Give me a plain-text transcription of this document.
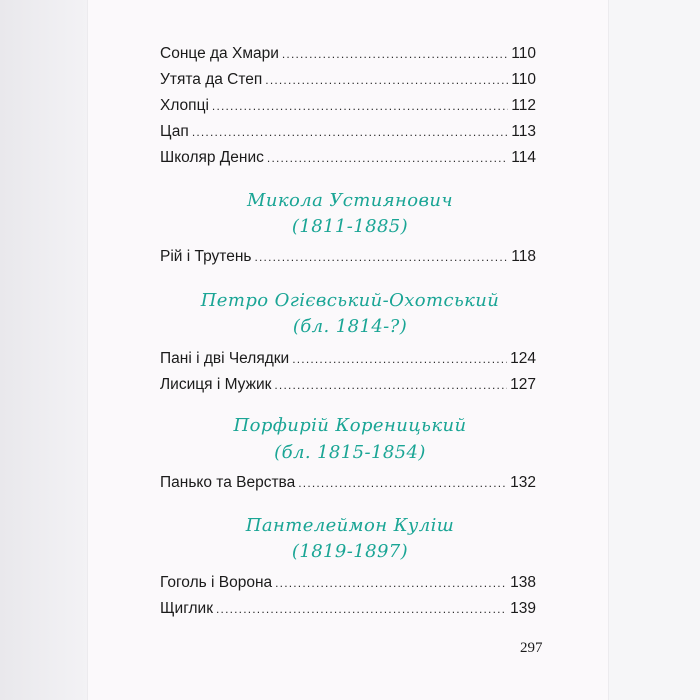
Сонце да Хмари .....	110
Утята да Степ .....	110
Хлопці .....	112
Цап .....	113
Школяр Денис .....	114
Микола Устиянович
(1811-1885)
Рій і Трутень .....	118
Петро Огієвський-Охотський
(бл. 1814-?)
Пані і дві Челядки .....	124
Лисиця і Мужик .....	127
Порфирій Кореницький
(бл. 1815-1854)
Панько та Верства .....	132
Пантелеймон Куліш
(1819-1897)
Гоголь і Ворона .....	138
Щиглик .....	139
297
